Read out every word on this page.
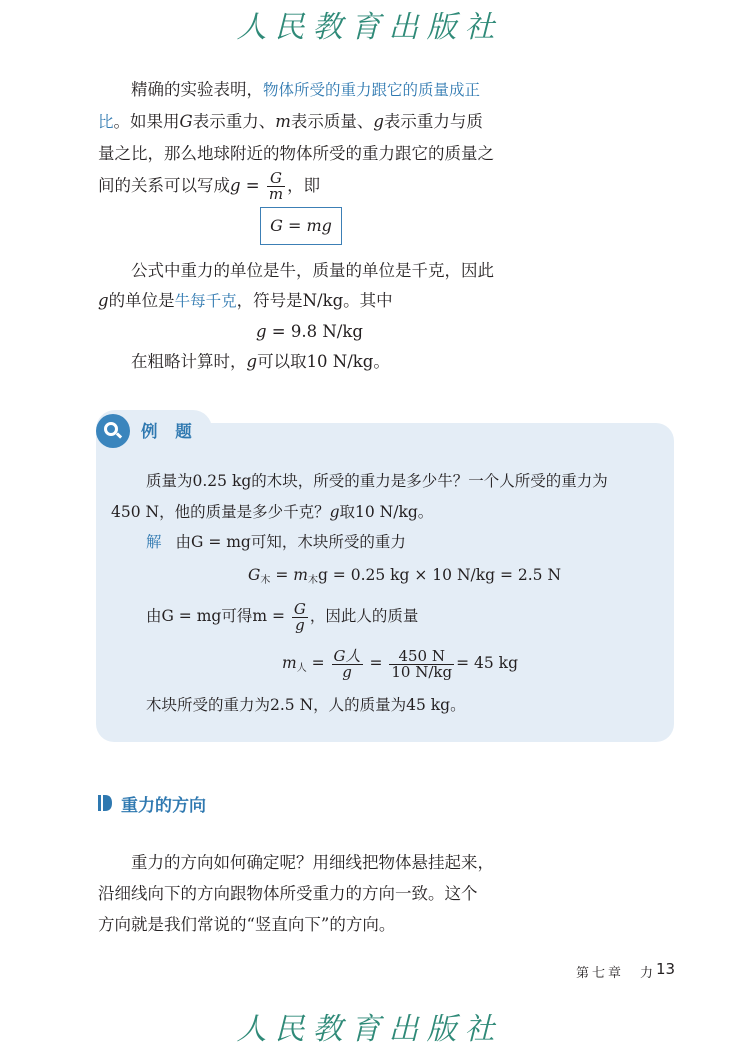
人民教育出版社
精确的实验表明，物体所受的重力跟它的质量成正
比。如果用G表示重力、m表示质量、g表示重力与质
量之比，那么地球附近的物体所受的重力跟它的质量之
间的关系可以写成$g = \frac{G}{m}$ ，即
G = mg
公式中重力的单位是牛，质量的单位是千克，因此
g的单位是牛每千克，符号是N/kg。其中
g = 9.8 N/kg
在粗略计算时，g可以取10 N/kg。
例 题
质量为0.25 kg的木块，所受的重力是多少牛？一个人所受的重力为
450 N，他的质量是多少千克？g取10 N/kg。
解 由G = mg可知，木块所受的重力
$G_木 = m_木g = 0.25$ kg × 10 N/kg = 2.5 N
由G = mg可得$m = \frac{G}{g}$ ，因此人的质量
$m_人 = \frac{\text{G人}}{g} = \frac{450 N}{10 N/kg} = 45$ kg
木块所受的重力为2.5 N，人的质量为45 kg。
重力的方向
重力的方向如何确定呢？用细线把物体悬挂起来，
沿细线向下的方向跟物体所受重力的方向一致。这个
方向就是我们常说的“竖直向下”的方向。
第七章　力 13
人民教育出版社
